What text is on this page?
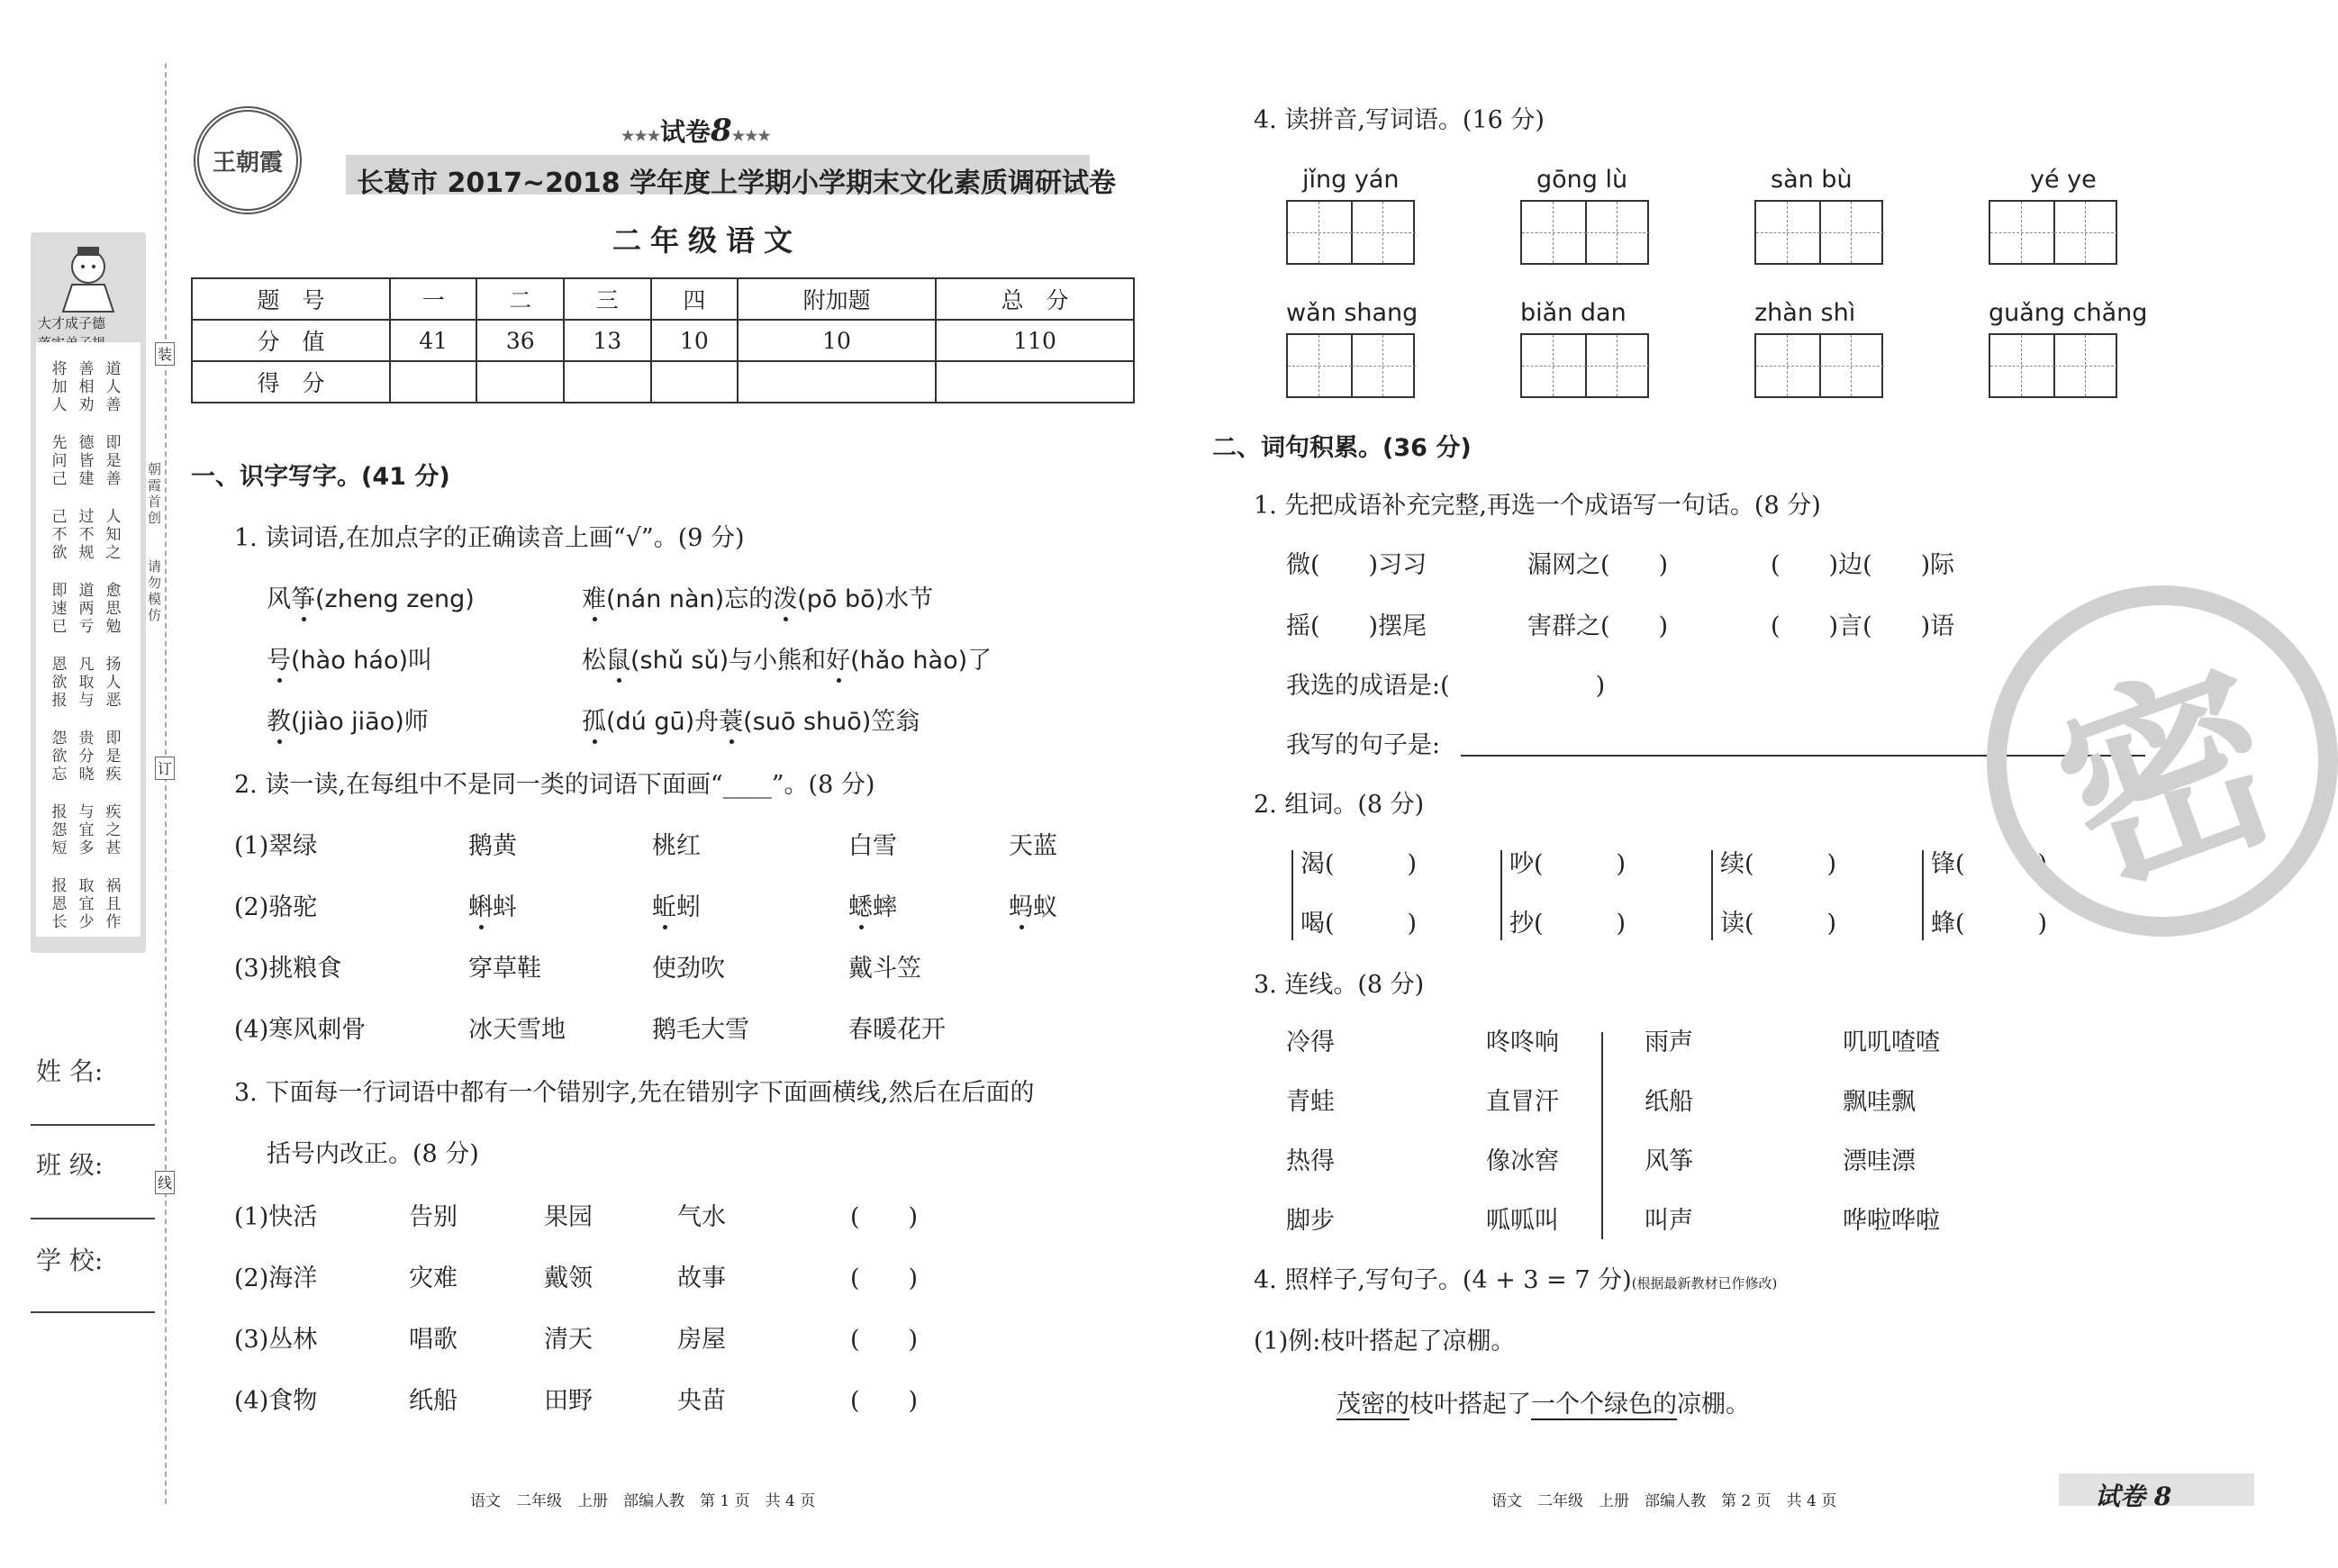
大才成子德
道
人
善
善
相
劝
将
加
人
即
是
善
德
皆
建
先
问
己
人
知
之
过
不
规
己
不
欲
愈
思
勉
道
两
亏
即
速
已
扬
人
恶
凡
取
与
恩
欲
报
即
是
疾
贵
分
晓
怨
欲
忘
疾
之
甚
与
宜
多
报
怨
短
祸
且
作
取
宜
少
报
恩
长
装
订
线
朝霞首创
请勿模仿
姓 名:
班 级:
学 校:
王朝霞
★★★试卷8★★★
长葛市 2017~2018 学年度上学期小学期末文化素质调研试卷
二年级语文
题　号	一	二	三	四	附加题	总　分
分　值	41	36	13	10	10	110
得　分						
一、识字写字。(41 分)
1. 读词语,在加点字的正确读音上画“√”。(9 分)
风筝(zheng zeng)	难(nán nàn)忘的泼(pō bō)水节
号(hào háo)叫	松鼠(shǔ sǔ)与小熊和好(hǎo hào)了
教(jiào jiāo)师	孤(dú gū)舟蓑(suō shuō)笠翁
2. 读一读,在每组中不是同一类的词语下面画“____”。(8 分)
(1)翠绿	鹅黄	桃红	白雪	天蓝
(2)骆驼	蝌蚪	蚯蚓	蟋蟀	蚂蚁
(3)挑粮食	穿草鞋	使劲吹	戴斗笠
(4)寒风刺骨	冰天雪地	鹅毛大雪	春暖花开
3. 下面每一行词语中都有一个错别字,先在错别字下面画横线,然后在后面的
括号内改正。(8 分)
(1)快活	告别	果园	气水	(　　)
(2)海洋	灾难	戴领	故事	(　　)
(3)丛林	唱歌	清天	房屋	(　　)
(4)食物	纸船	田野	央苗	(　　)
语文　二年级　上册　部编人教　第 1 页　共 4 页
4. 读拼音,写词语。(16 分)
jǐng yán	gōng lù	sàn bù	yé ye
wǎn shang	biǎn dan	zhàn shì	guǎng chǎng
二、词句积累。(36 分)
1. 先把成语补充完整,再选一个成语写一句话。(8 分)
微(　　)习习	漏网之(　　)	(　　)边(　　)际
摇(　　)摆尾	害群之(　　)	(　　)言(　　)语
我选的成语是:(　　　　　　)
我写的句子是:
2. 组词。(8 分)
渴(　　　)	吵(　　　)	续(　　　)	锋(　　　)
喝(　　　)	抄(　　　)	读(　　　)	蜂(　　　)
3. 连线。(8 分)
冷得	咚咚响	雨声	叽叽喳喳
青蛙	直冒汗	纸船	飘哇飘
热得	像冰窖	风筝	漂哇漂
脚步	呱呱叫	叫声	哗啦哗啦
4. 照样子,写句子。(4 + 3 = 7 分)(根据最新教材已作修改)
(1)例:枝叶搭起了凉棚。
茂密的枝叶搭起了一个个绿色的凉棚。
语文　二年级　上册　部编人教　第 2 页　共 4 页	试卷 8
密
